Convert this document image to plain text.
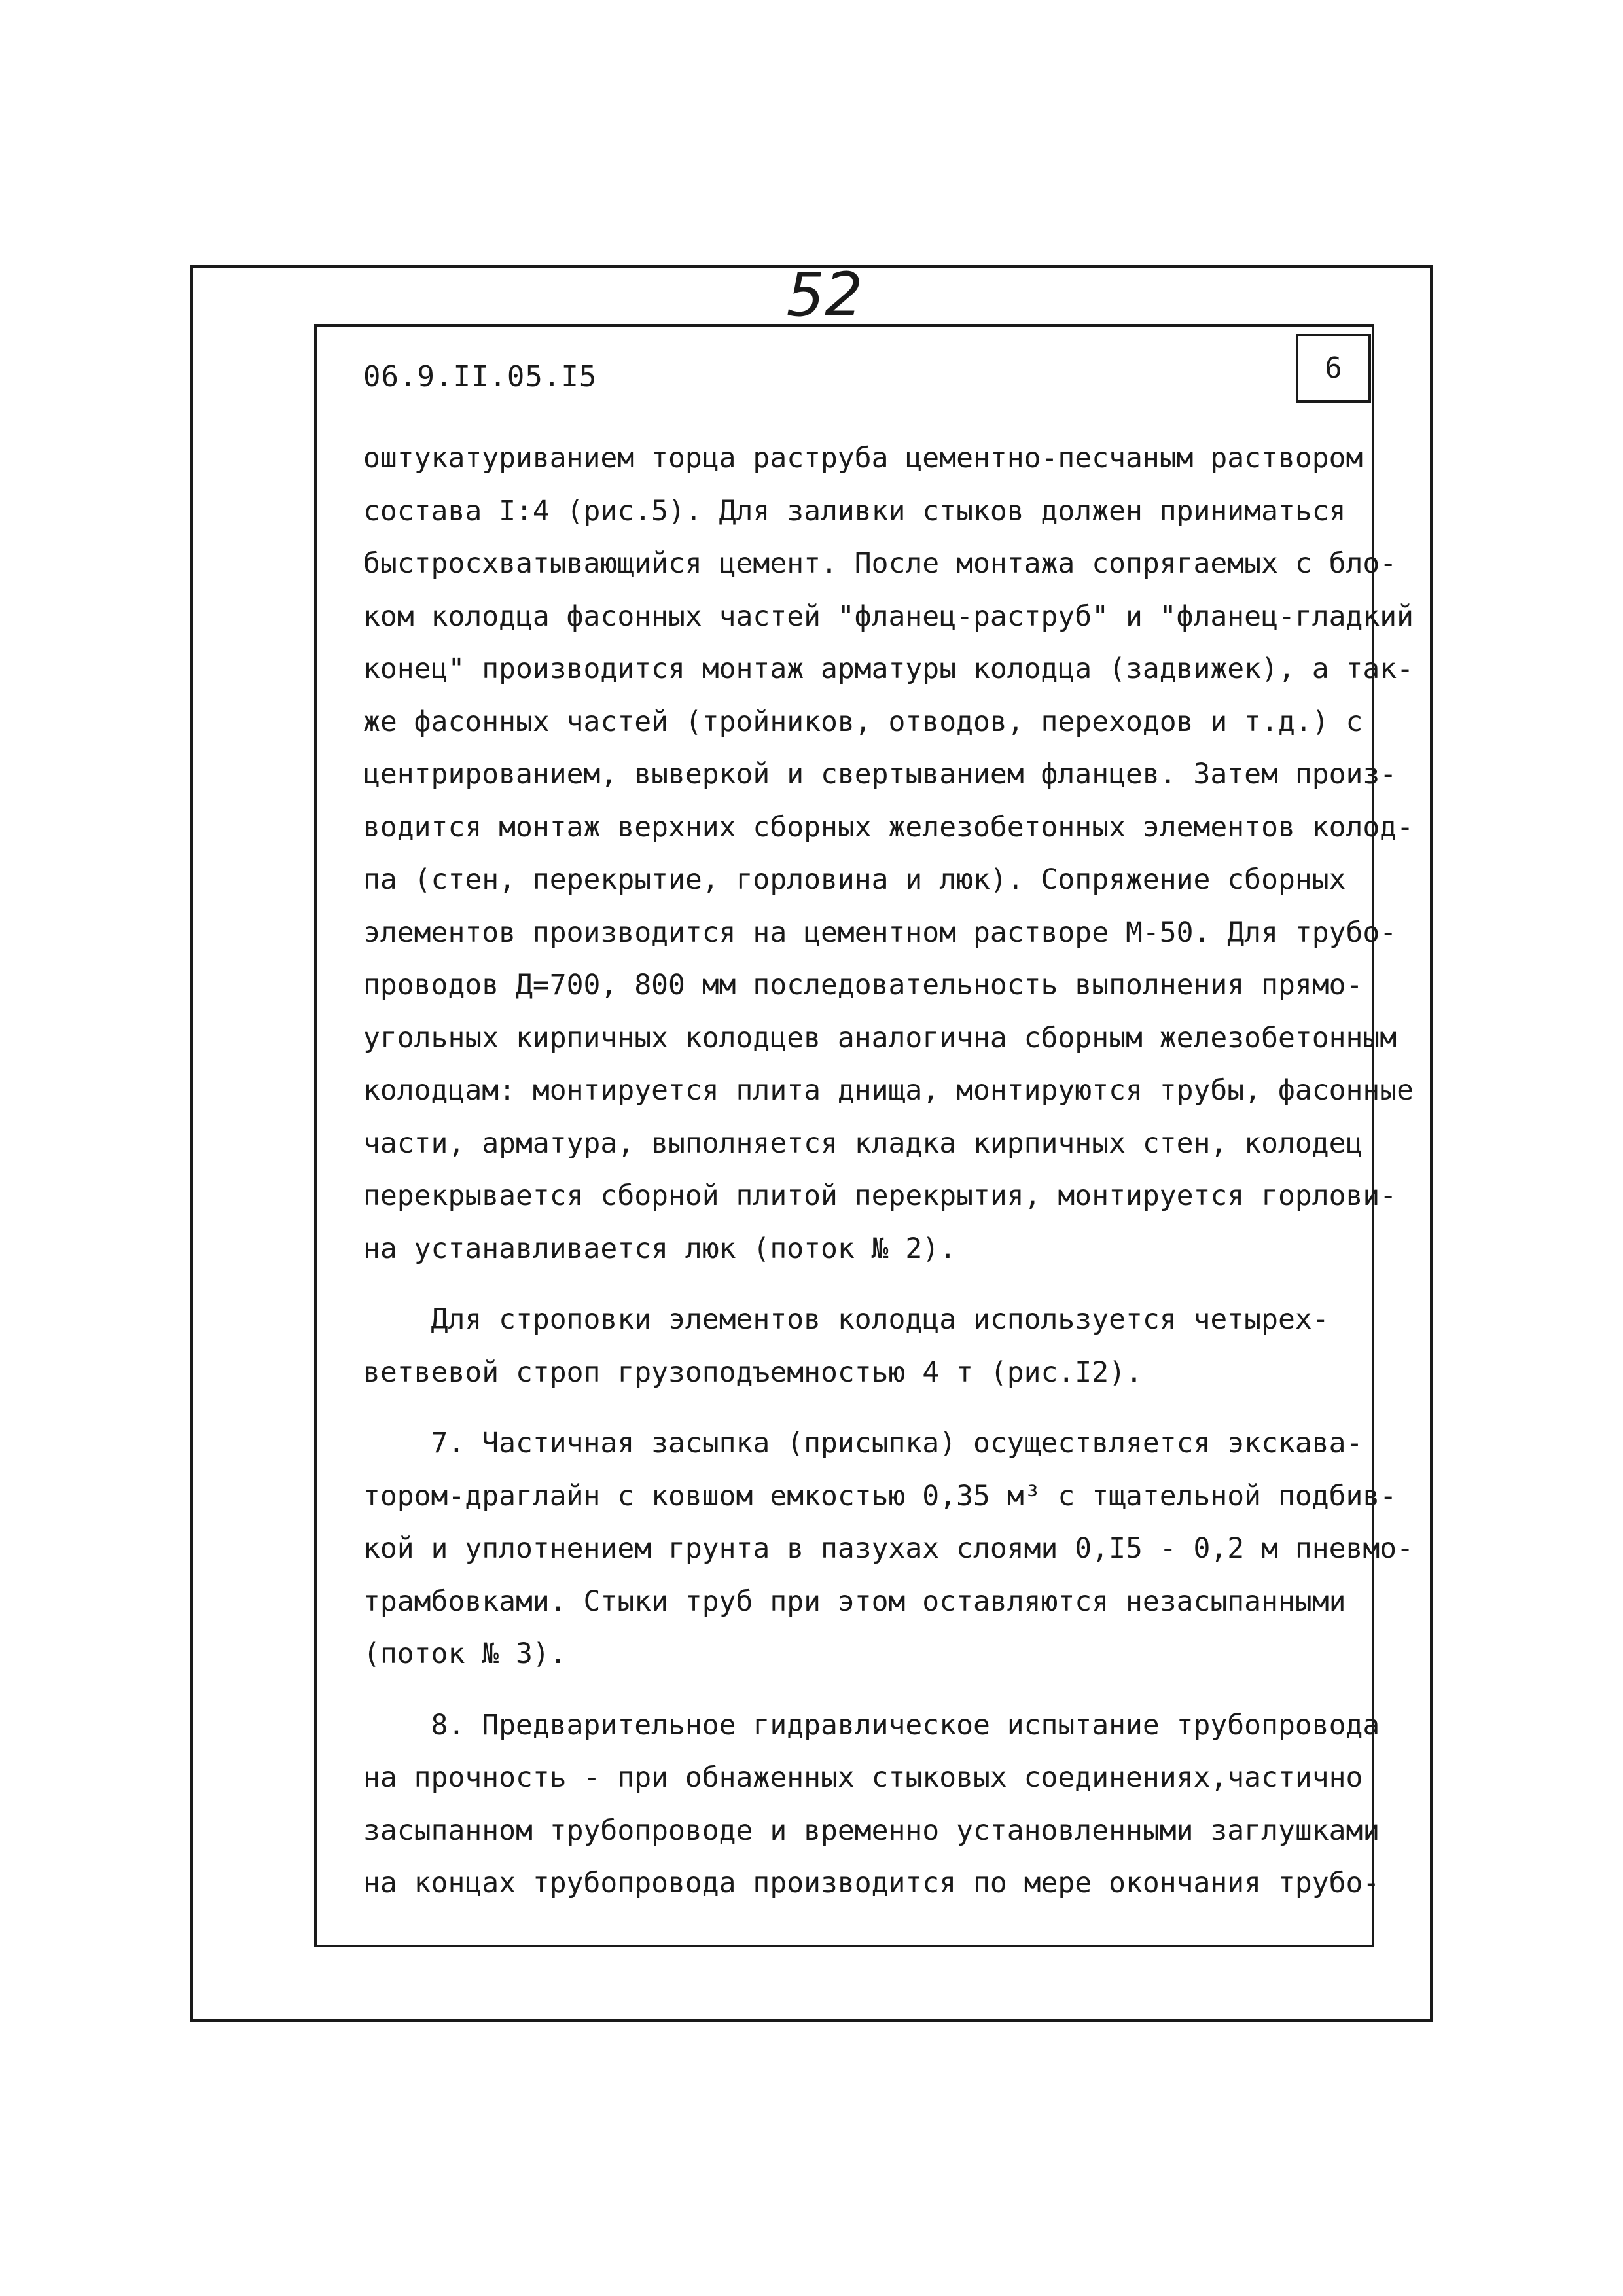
52
06.9.II.05.I5	6
оштукатуриванием торца раструба цементно-песчаным раствором
состава I:4 (рис.5). Для заливки стыков должен приниматься
быстросхватывающийся цемент. После монтажа сопрягаемых с бло-
ком колодца фасонных частей "фланец-раструб" и "фланец-гладкий
конец" производится монтаж арматуры колодца (задвижек), а так-
же фасонных частей (тройников, отводов, переходов и т.д.) с
центрированием, выверкой и свертыванием фланцев. Затем произ-
водится монтаж верхних сборных железобетонных элементов колод-
па (стен, перекрытие, горловина и люк). Сопряжение сборных
элементов производится на цементном растворе М-50. Для трубо-
проводов Д=700, 800 мм последовательность выполнения прямо-
угольных кирпичных колодцев аналогична сборным железобетонным
колодцам: монтируется плита днища, монтируются трубы, фасонные
части, арматура, выполняется кладка кирпичных стен, колодец
перекрывается сборной плитой перекрытия, монтируется горлови-
на устанавливается люк (поток № 2).
Для строповки элементов колодца используется четырех-
ветвевой строп грузоподъемностью 4 т (рис.I2).
7. Частичная засыпка (присыпка) осуществляется экскава-
тором-драглайн с ковшом емкостью 0,35 м³ с тщательной подбив-
кой и уплотнением грунта в пазухах слоями 0,I5 - 0,2 м пневмо-
трамбовками. Стыки труб при этом оставляются незасыпанными
(поток № 3).
8. Предварительное гидравлическое испытание трубопровода
на прочность - при обнаженных стыковых соединениях,частично
засыпанном трубопроводе и временно установленными заглушками
на концах трубопровода производится по мере окончания трубо-
